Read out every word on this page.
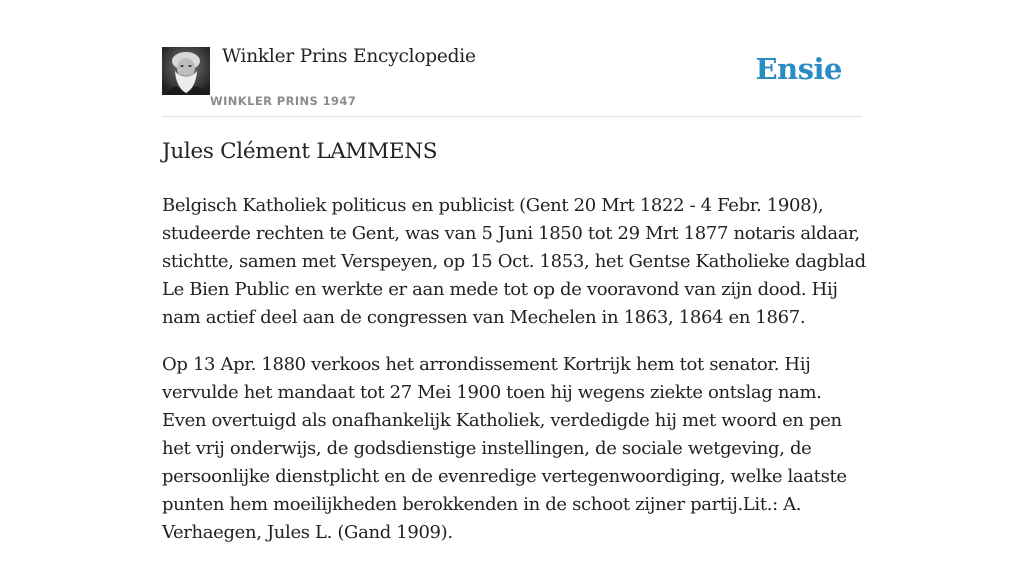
Winkler Prins Encyclopedie
WINKLER PRINS 1947
Ensie
Jules Clément LAMMENS

Belgisch Katholiek politicus en publicist (Gent 20 Mrt 1822 - 4 Febr. 1908), studeerde rechten te Gent, was van 5 Juni 1850 tot 29 Mrt 1877 notaris aldaar, stichtte, samen met Verspeyen, op 15 Oct. 1853, het Gentse Katholieke dagblad Le Bien Public en werkte er aan mede tot op de vooravond van zijn dood. Hij nam actief deel aan de congressen van Mechelen in 1863, 1864 en 1867.

Op 13 Apr. 1880 verkoos het arrondissement Kortrijk hem tot senator. Hij vervulde het mandaat tot 27 Mei 1900 toen hij wegens ziekte ontslag nam. Even overtuigd als onafhankelijk Katholiek, verdedigde hij met woord en pen het vrij onderwijs, de godsdienstige instellingen, de sociale wetgeving, de persoonlijke dienstplicht en de evenredige vertegenwoordiging, welke laatste punten hem moeilijkheden berokkenden in de schoot zijner partij.Lit.: A. Verhaegen, Jules L. (Gand 1909).
